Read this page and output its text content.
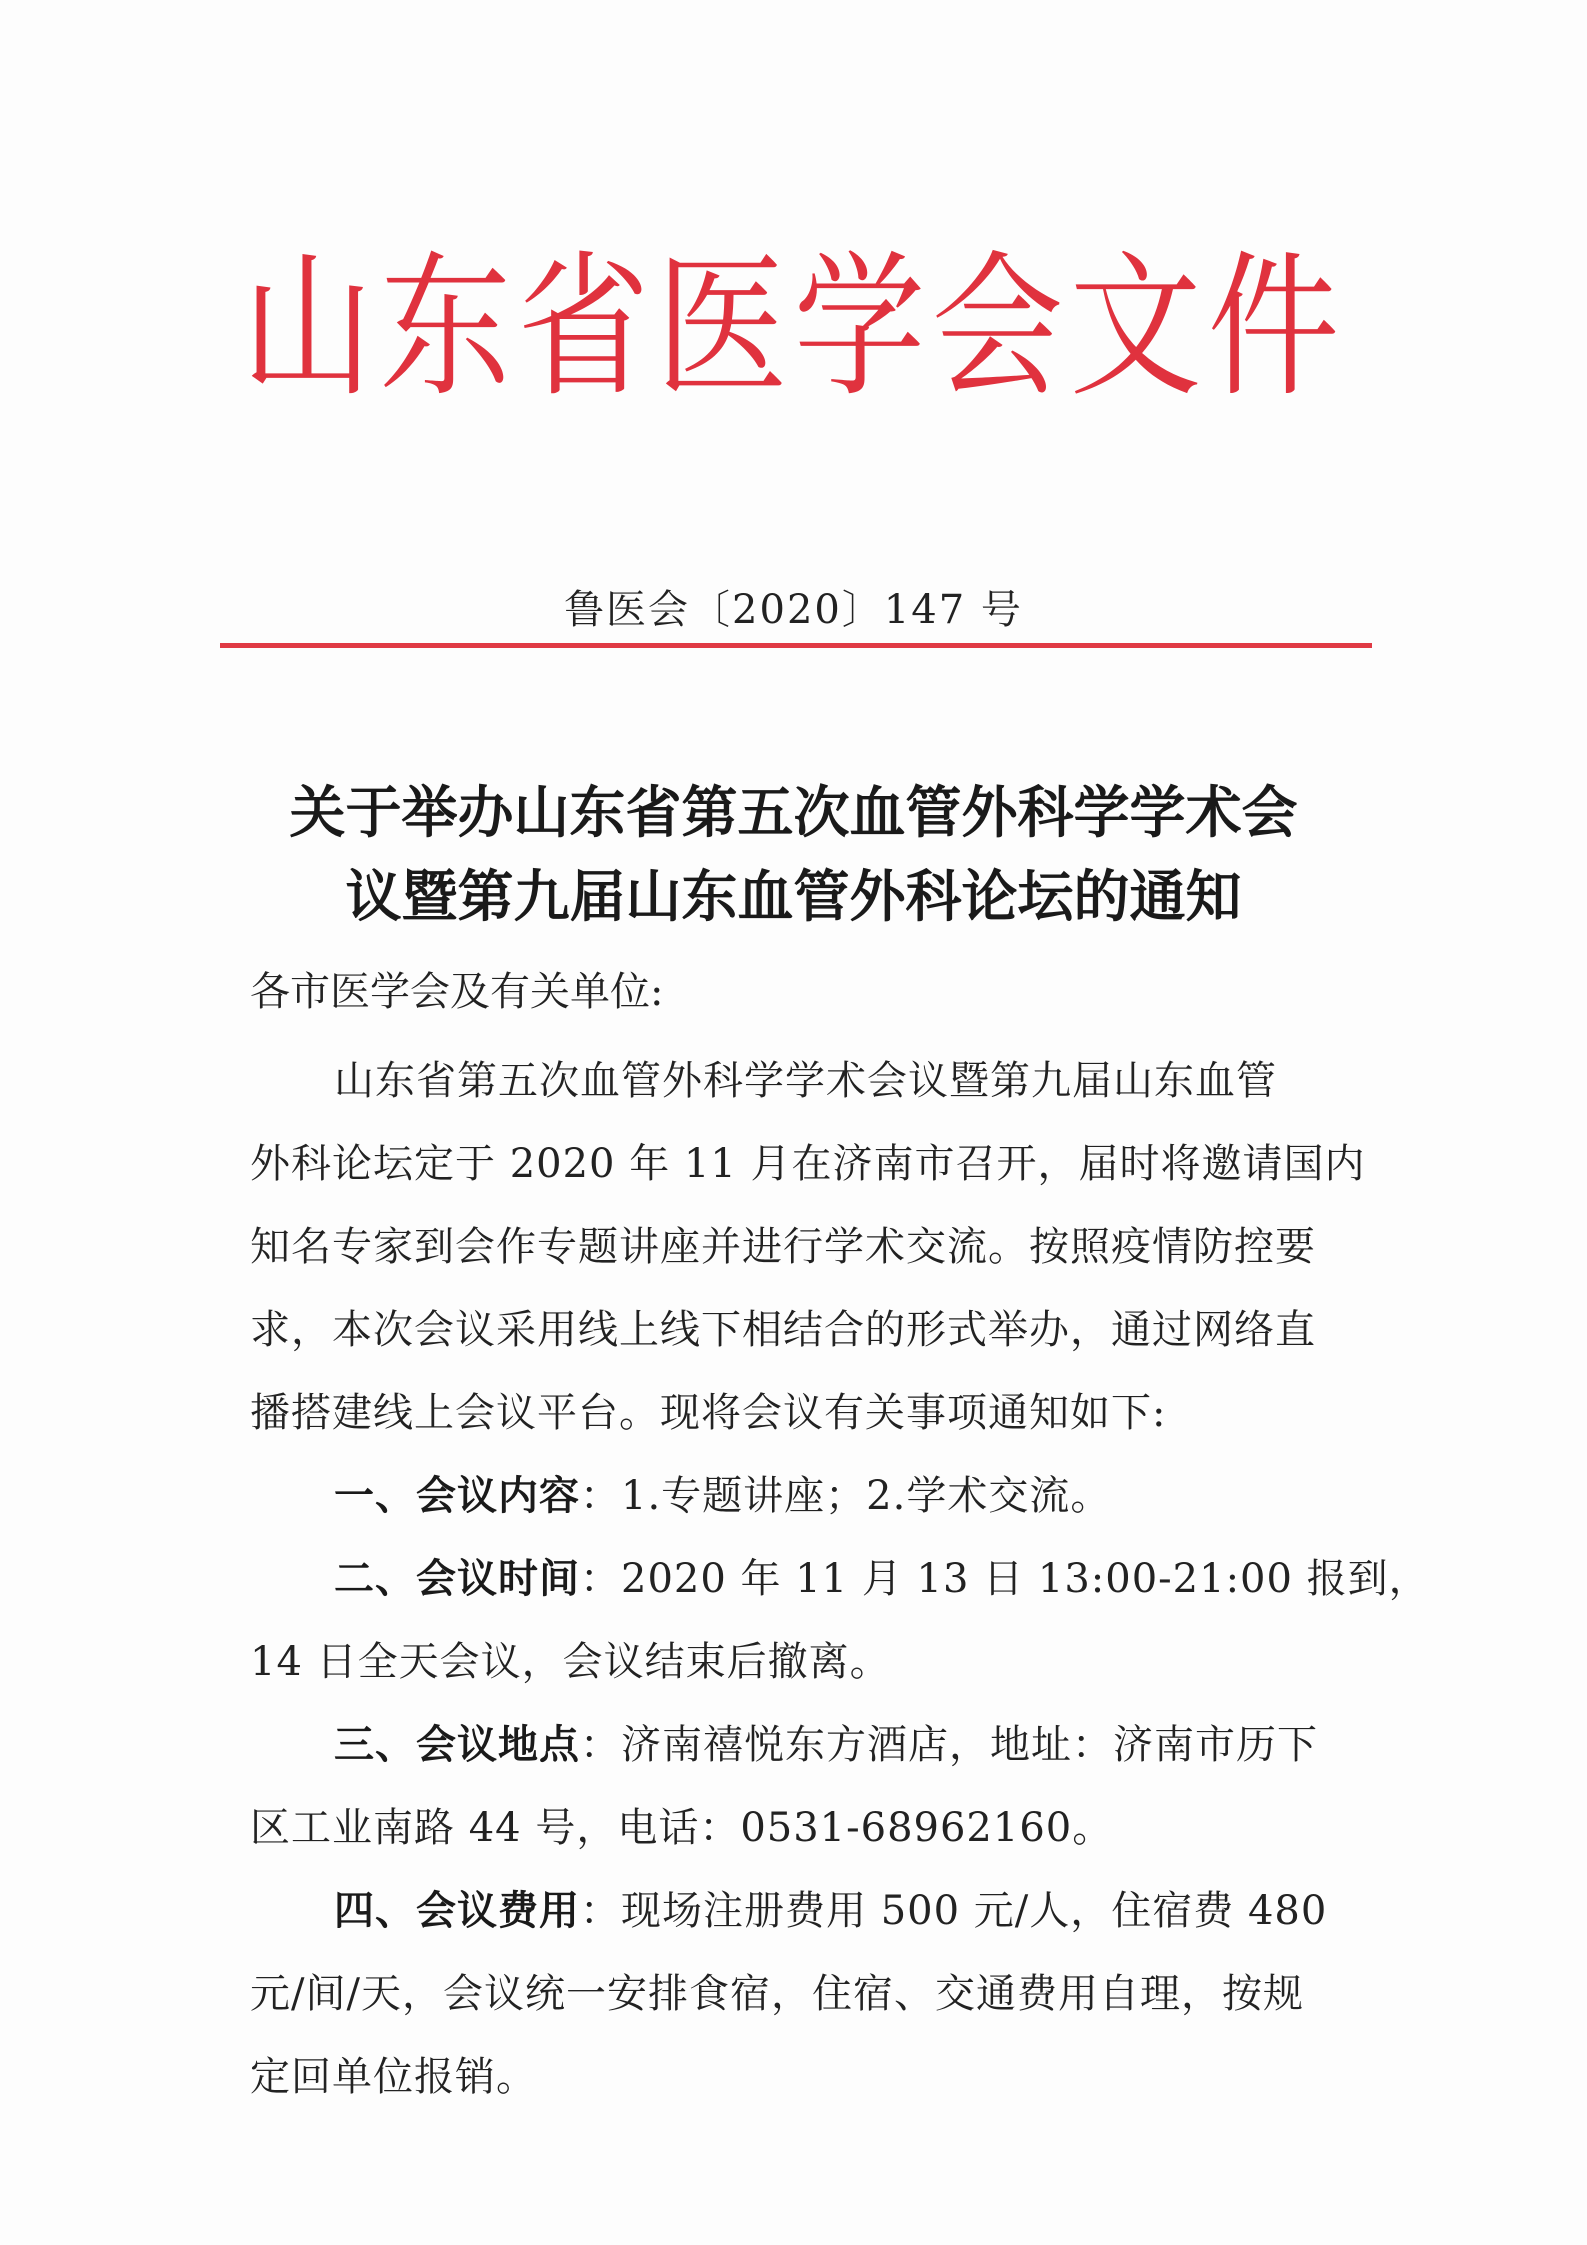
山东省医学会文件
鲁医会〔2020〕147 号
关于举办山东省第五次血管外科学学术会
议暨第九届山东血管外科论坛的通知
各市医学会及有关单位:
山东省第五次血管外科学学术会议暨第九届山东血管
外科论坛定于 2020 年 11 月在济南市召开，届时将邀请国内
知名专家到会作专题讲座并进行学术交流。按照疫情防控要
求，本次会议采用线上线下相结合的形式举办，通过网络直
播搭建线上会议平台。现将会议有关事项通知如下:
一、会议内容：1.专题讲座；2.学术交流。
二、会议时间：2020 年 11 月 13 日 13:00-21:00 报到，
14 日全天会议，会议结束后撤离。
三、会议地点：济南禧悦东方酒店，地址：济南市历下
区工业南路 44 号，电话：0531-68962160。
四、会议费用：现场注册费用 500 元/人，住宿费 480
元/间/天，会议统一安排食宿，住宿、交通费用自理，按规
定回单位报销。
